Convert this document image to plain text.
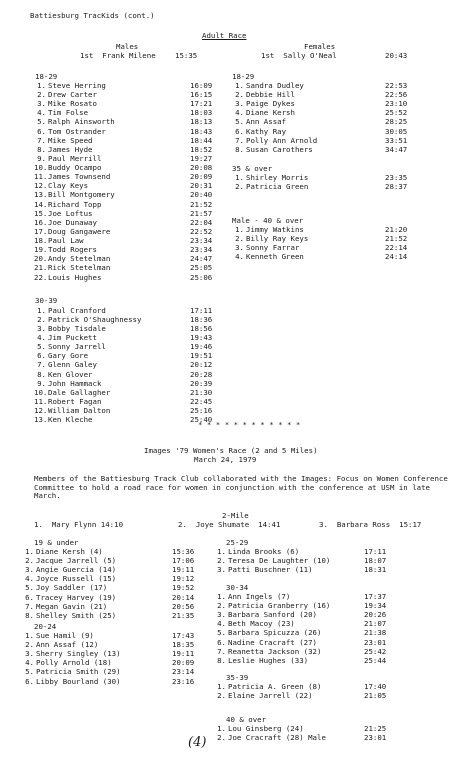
Battiesburg TracKids (cont.)
Adult Race
Males	Females
1st Frank Milene	15:35	1st Sally O'Neal	20:43
18-29
30-39
18-29
35 & over
Male - 40 & over
1. Steve Herring	16:09
2. Drew Carter	16:15
3. Mike Rosato	17:21
4. Tim Folse	18:03
5. Ralph Ainsworth	18:13
6. Tom Ostrander	18:43
7. Mike Speed	18:44
8. James Hyde	18:52
9. Paul Merrill	19:27
10. Buddy Ocampo	20:08
11. James Townsend	20:09
12. Clay Keys	20:31
13. Bill Montgomery	20:40
14. Richard Topp	21:52
15. Joe Loftus	21:57
16. Joe Dunaway	22:04
17. Doug Gangawere	22:52
18. Paul Law	23:34
19. Todd Rogers	23:34
20. Andy Stetelman	24:47
21. Rick Stetelman	25:05
22. Louis Hughes	25:06
1. Paul Cranford	17:11
2. Patrick O'Shaughnessy	18:36
3. Bobby Tisdale	18:56
4. Jim Puckett	19:43
5. Sonny Jarrell	19:46
6. Gary Gore	19:51
7. Glenn Galey	20:12
8. Ken Glover	20:28
9. John Hammack	20:39
10. Dale Gallagher	21:30
11. Robert Fagan	22:45
12. William Dalton	25:16
13. Ken Kleche	25:40
1. Sandra Dudley	22:53
2. Debbie Hill	22:56
3. Paige Dykes	23:10
4. Diane Kersh	25:52
5. Ann Assaf	28:25
6. Kathy Ray	30:05
7. Polly Ann Arnold	33:51
8. Susan Carothers	34:47
1. Shirley Morris	23:35
2. Patricia Green	28:37
1. Jimmy Watkins	21:20
2. Billy Ray Keys	21:52
3. Sonny Farrar	22:14
4. Kenneth Green	24:14
* * * * * * * * * * * *
Images '79 Women's Race (2 and 5 Miles)
March 24, 1979
Members of the Battiesburg Track Club collaborated with the Images: Focus on Women Conference Committee to hold a road race for women in conjunction with the conference at USM in late March.
2-Mile
1. Mary Flynn 14:10	2. Joye Shumate 14:41	3. Barbara Ross 15:17
19 & under
20-24
25-29
30-34
35-39
40 & over
1. Diane Kersh (4)	15:36
2. Jacque Jarrell (5)	17:06
3. Angie Guercia (14)	19:11
4. Joyce Russell (15)	19:12
5. Joy Saddler (17)	19:52
6. Tracey Harvey (19)	20:14
7. Megan Gavin (21)	20:56
8. Shelley Smith (25)	21:35
1. Sue Hamil (9)	17:43
2. Ann Assaf (12)	18:35
3. Sherry Singley (13)	19:11
4. Polly Arnold (18)	20:09
5. Patricia Smith (29)	23:14
6. Libby Bourland (30)	23:16
1. Linda Brooks (6)	17:11
2. Teresa De Laughter (10)	18:07
3. Patti Buschner (11)	18:31
1. Ann Ingels (7)	17:37
2. Patricia Granberry (16)	19:34
3. Barbara Sanford (20)	20:26
4. Beth Macoy (23)	21:07
5. Barbara Spicuzza (26)	21:38
6. Nadine Cracraft (27)	23:01
7. Reanetta Jackson (32)	25:42
8. Leslie Hughes (33)	25:44
1. Patricia A. Green (8)	17:40
2. Elaine Jarrell (22)	21:05
1. Lou Ginsberg (24)	21:25
2. Joe Cracraft (28) Male	23:01
(4)
